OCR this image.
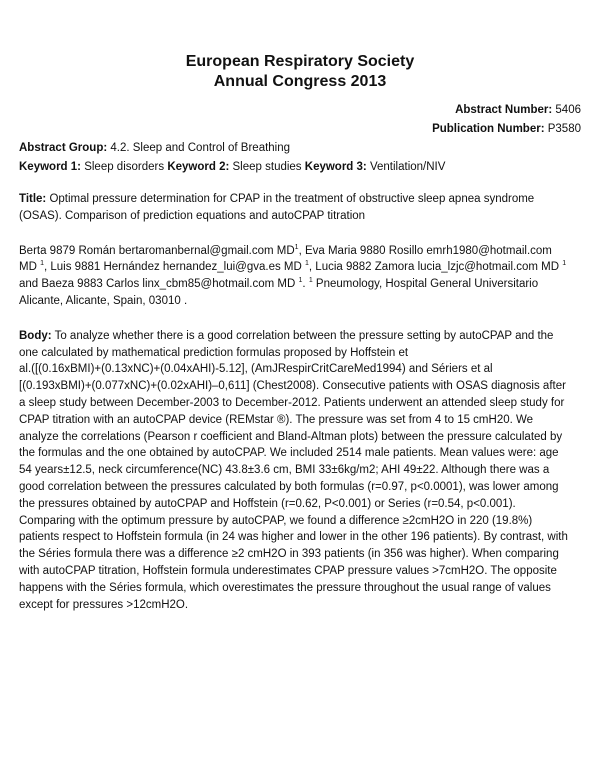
European Respiratory Society
Annual Congress 2013
Abstract Number: 5406
Publication Number: P3580
Abstract Group: 4.2. Sleep and Control of Breathing
Keyword 1: Sleep disorders Keyword 2: Sleep studies Keyword 3: Ventilation/NIV
Title: Optimal pressure determination for CPAP in the treatment of obstructive sleep apnea syndrome
(OSAS). Comparison of prediction equations and autoCPAP titration
Berta 9879 Román bertaromanbernal@gmail.com $MD^1$, Eva Maria 9880 Rosillo emrh1980@hotmail.com
MD $^1$, Luis 9881 Hernández hernandez_lui@gva.es MD $^1$, Lucia 9882 Zamora lucia_lzjc@hotmail.com MD $^1$
and Baeza 9883 Carlos linx_cbm85@hotmail.com MD $^1$. $^1$ Pneumology, Hospital General Universitario
Alicante, Alicante, Spain, 03010 .
Body: To analyze whether there is a good correlation between the pressure setting by autoCPAP and the
one calculated by mathematical prediction formulas proposed by Hoffstein et
al.([(0.16xBMI)+(0.13xNC)+(0.04xAHI)-5.12], (AmJRespirCritCareMed1994) and Sériers et al
[(0.193xBMI)+(0.077xNC)+(0.02xAHI)–0,611] (Chest2008). Consecutive patients with OSAS diagnosis after
a sleep study between December-2003 to December-2012. Patients underwent an attended sleep study for
CPAP titration with an autoCPAP device (REMstar ®). The pressure was set from 4 to 15 cmH20. We
analyze the correlations (Pearson r coefficient and Bland-Altman plots) between the pressure calculated by
the formulas and the one obtained by autoCPAP. We included 2514 male patients. Mean values were: age
54 years±12.5, neck circumference(NC) 43.8±3.6 cm, BMI 33±6kg/m2; AHI 49±22. Although there was a
good correlation between the pressures calculated by both formulas (r=0.97, p<0.0001), was lower among
the pressures obtained by autoCPAP and Hoffstein (r=0.62, P<0.001) or Series (r=0.54, p<0.001).
Comparing with the optimum pressure by autoCPAP, we found a difference ≥2cmH2O in 220 (19.8%)
patients respect to Hoffstein formula (in 24 was higher and lower in the other 196 patients). By contrast, with
the Séries formula there was a difference ≥2 cmH2O in 393 patients (in 356 was higher). When comparing
with autoCPAP titration, Hoffstein formula underestimates CPAP pressure values >7cmH2O. The opposite
happens with the Séries formula, which overestimates the pressure throughout the usual range of values
except for pressures >12cmH2O.
